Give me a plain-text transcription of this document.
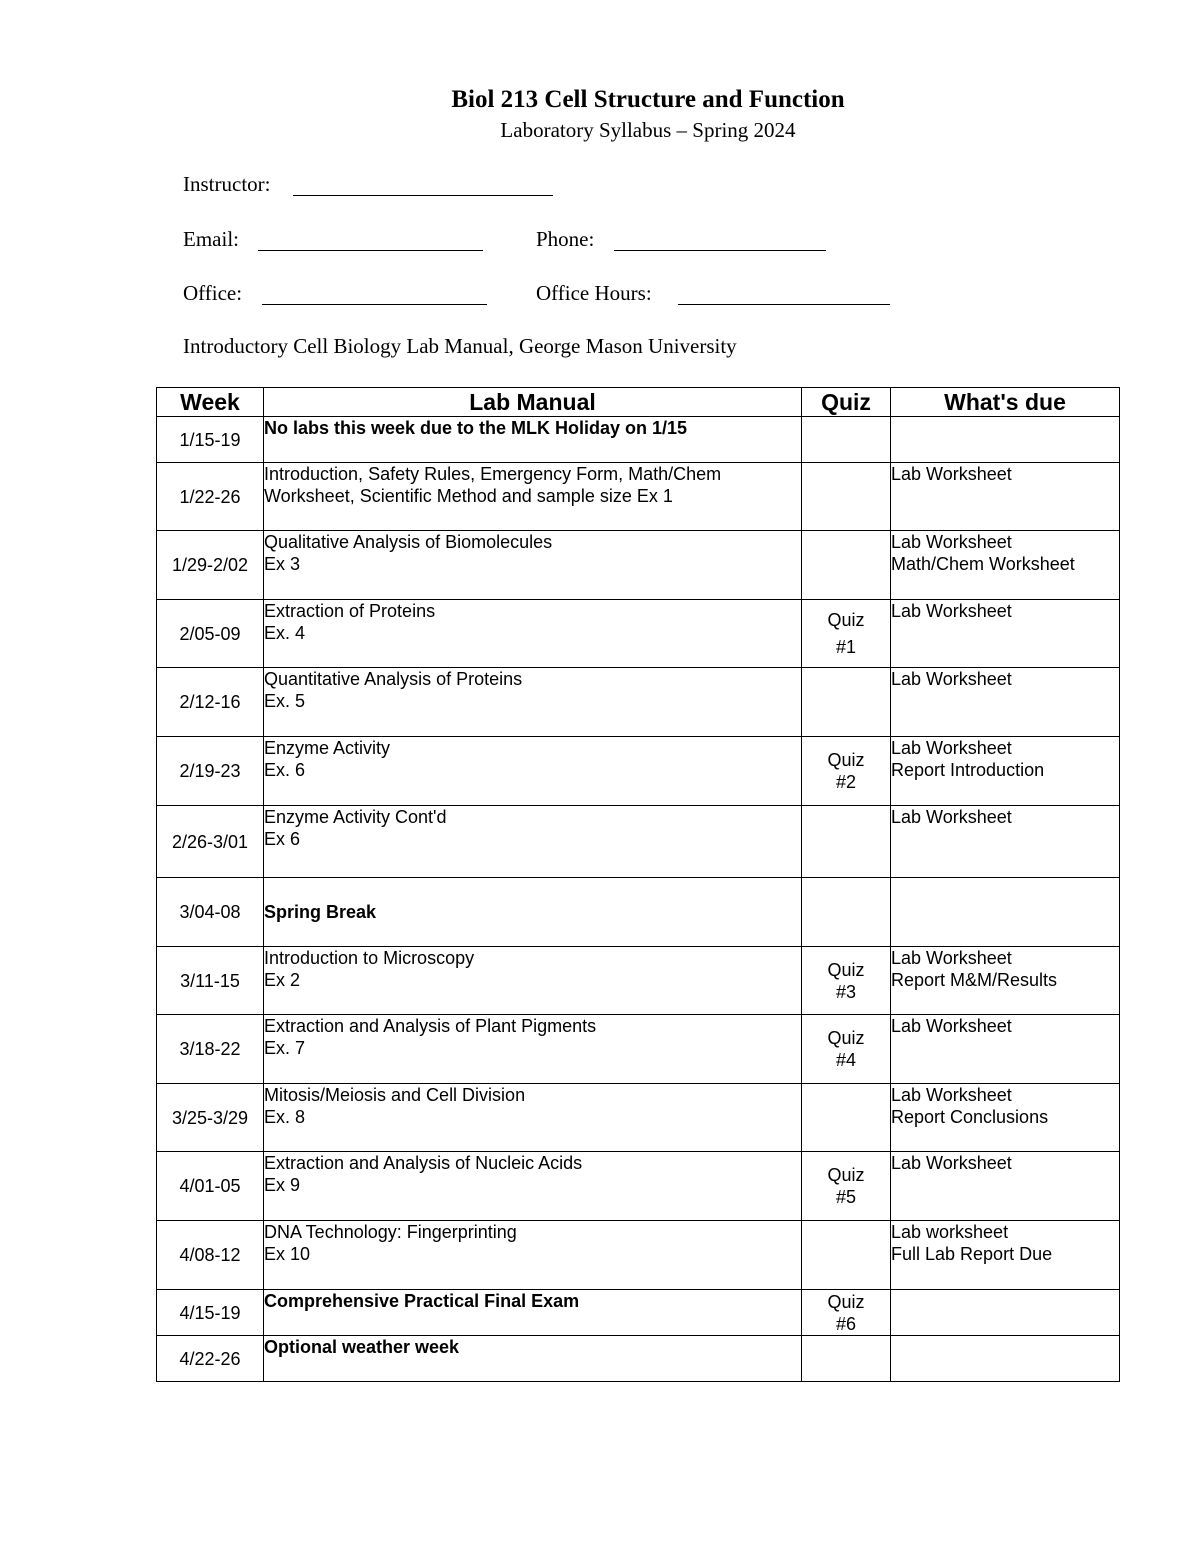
Biol 213 Cell Structure and Function
Laboratory Syllabus – Spring 2024
Instructor:
Email:	Phone:
Office:	Office Hours:
Introductory Cell Biology Lab Manual, George Mason University
Week	Lab Manual	Quiz	What's due
1/15-19	No labs this week due to the MLK Holiday on 1/15		

1/22-26	Introduction, Safety Rules, Emergency Form, Math/Chem
Worksheet, Scientific Method and sample size Ex 1		Lab Worksheet

1/29-2/02	Qualitative Analysis of Biomolecules
Ex 3		Lab Worksheet
Math/Chem Worksheet

2/05-09	Extraction of Proteins
Ex. 4	Quiz
#1	Lab Worksheet

2/12-16	Quantitative Analysis of Proteins
Ex. 5		Lab Worksheet

2/19-23	Enzyme Activity
Ex. 6	Quiz
#2	Lab Worksheet
Report Introduction

2/26-3/01	Enzyme Activity Cont'd
Ex 6		Lab Worksheet

3/04-08	Spring Break		

3/11-15	Introduction to Microscopy
Ex 2	Quiz
#3	Lab Worksheet
Report M&M/Results

3/18-22	Extraction and Analysis of Plant Pigments
Ex. 7	Quiz
#4	Lab Worksheet

3/25-3/29	Mitosis/Meiosis and Cell Division
Ex. 8		Lab Worksheet
Report Conclusions

4/01-05	Extraction and Analysis of Nucleic Acids
Ex 9	Quiz
#5	Lab Worksheet

4/08-12	DNA Technology: Fingerprinting
Ex 10		Lab worksheet
Full Lab Report Due

4/15-19	Comprehensive Practical Final Exam	Quiz
#6	

4/22-26	Optional weather week		
